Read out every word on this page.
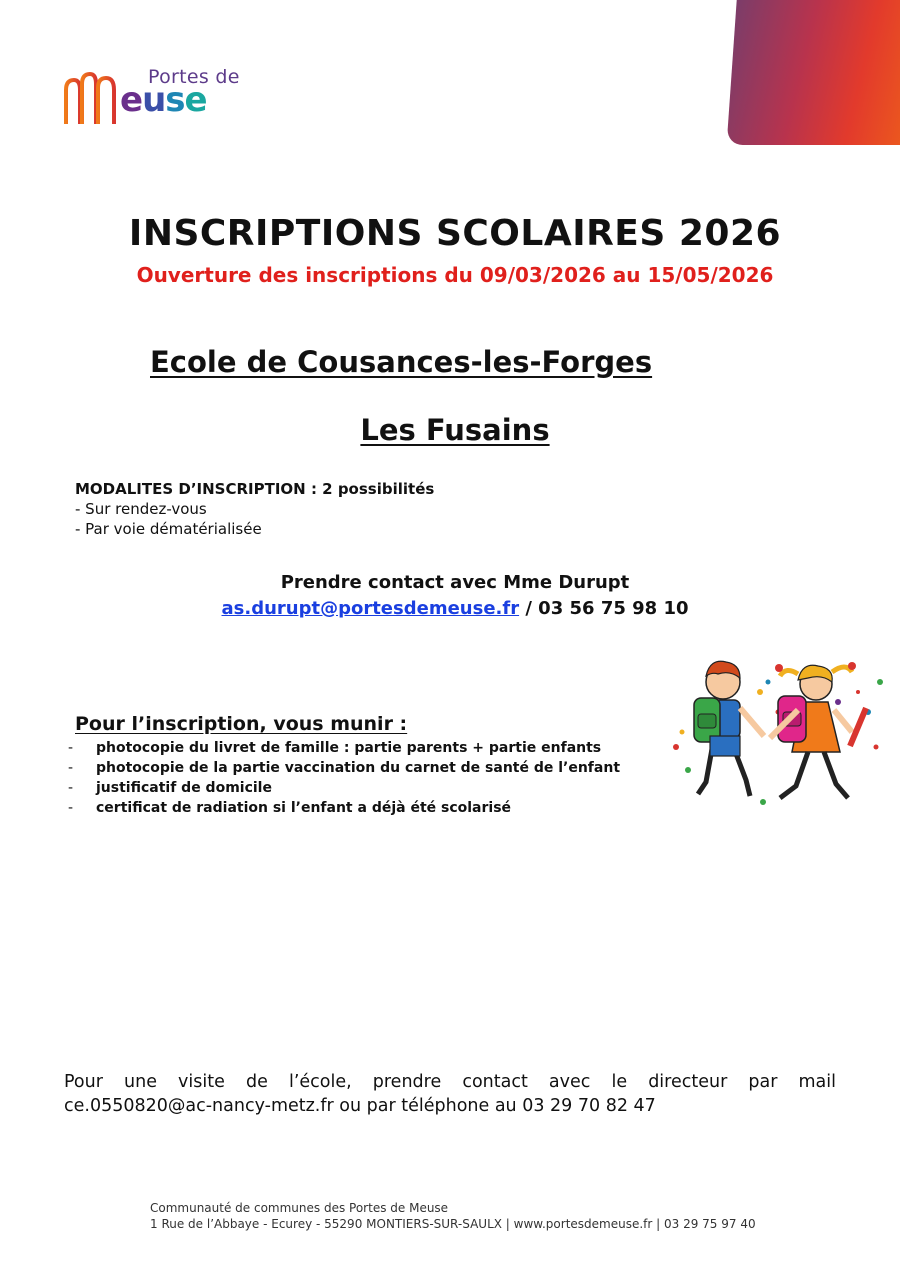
Portes de
euse
INSCRIPTIONS SCOLAIRES 2026
Ouverture des inscriptions du 09/03/2026 au 15/05/2026
Ecole de Cousances-les-Forges
Les Fusains
MODALITES D’INSCRIPTION : 2 possibilités
- Sur rendez-vous
- Par voie dématérialisée
Prendre contact avec Mme Durupt
as.durupt@portesdemeuse.fr / 03 56 75 98 10
Pour l’inscription, vous munir :
- photocopie du livret de famille : partie parents + partie enfants
- photocopie de la partie vaccination du carnet de santé de l’enfant
- justificatif de domicile
- certificat de radiation si l’enfant a déjà été scolarisé
Pour une visite de l’école, prendre contact avec le directeur par mail
ce.0550820@ac-nancy-metz.fr ou par téléphone au 03 29 70 82 47
Communauté de communes des Portes de Meuse
1 Rue de l’Abbaye - Ecurey - 55290 MONTIERS-SUR-SAULX | www.portesdemeuse.fr | 03 29 75 97 40
